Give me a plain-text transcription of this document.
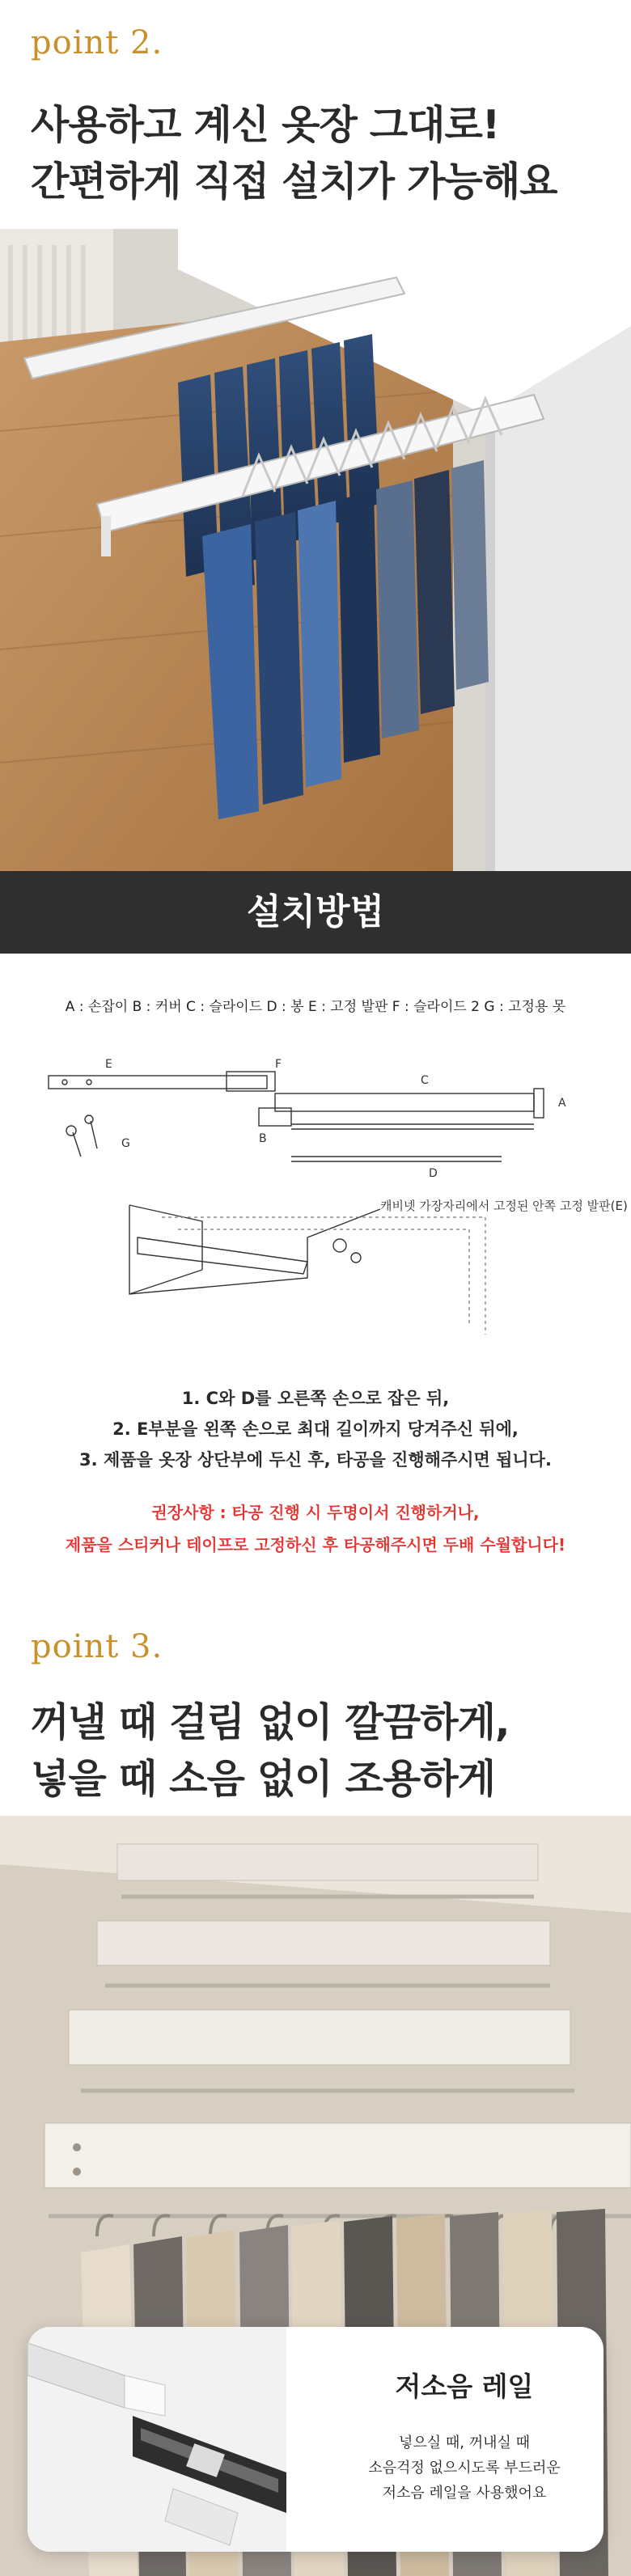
point 2.
사용하고 계신 옷장 그대로!
간편하게 직접 설치가 가능해요
설치방법
A : 손잡이 B : 커버 C : 슬라이드 D : 봉 E : 고정 발판 F : 슬라이드 2 G : 고정용 못
E	F
C
A
B
D
G
캐비넷 가장자리에서 고정된 안쪽 고정 발판(E)
1. C와 D를 오른쪽 손으로 잡은 뒤,
2. E부분을 왼쪽 손으로 최대 길이까지 당겨주신 뒤에,
3. 제품을 옷장 상단부에 두신 후, 타공을 진행해주시면 됩니다.
권장사항 : 타공 진행 시 두명이서 진행하거나,
제품을 스티커나 테이프로 고정하신 후 타공해주시면 두배 수월합니다!
point 3.
꺼낼 때 걸림 없이 깔끔하게,
넣을 때 소음 없이 조용하게
저소음 레일
넣으실 때, 꺼내실 때
소음걱정 없으시도록 부드러운
저소음 레일을 사용했어요
